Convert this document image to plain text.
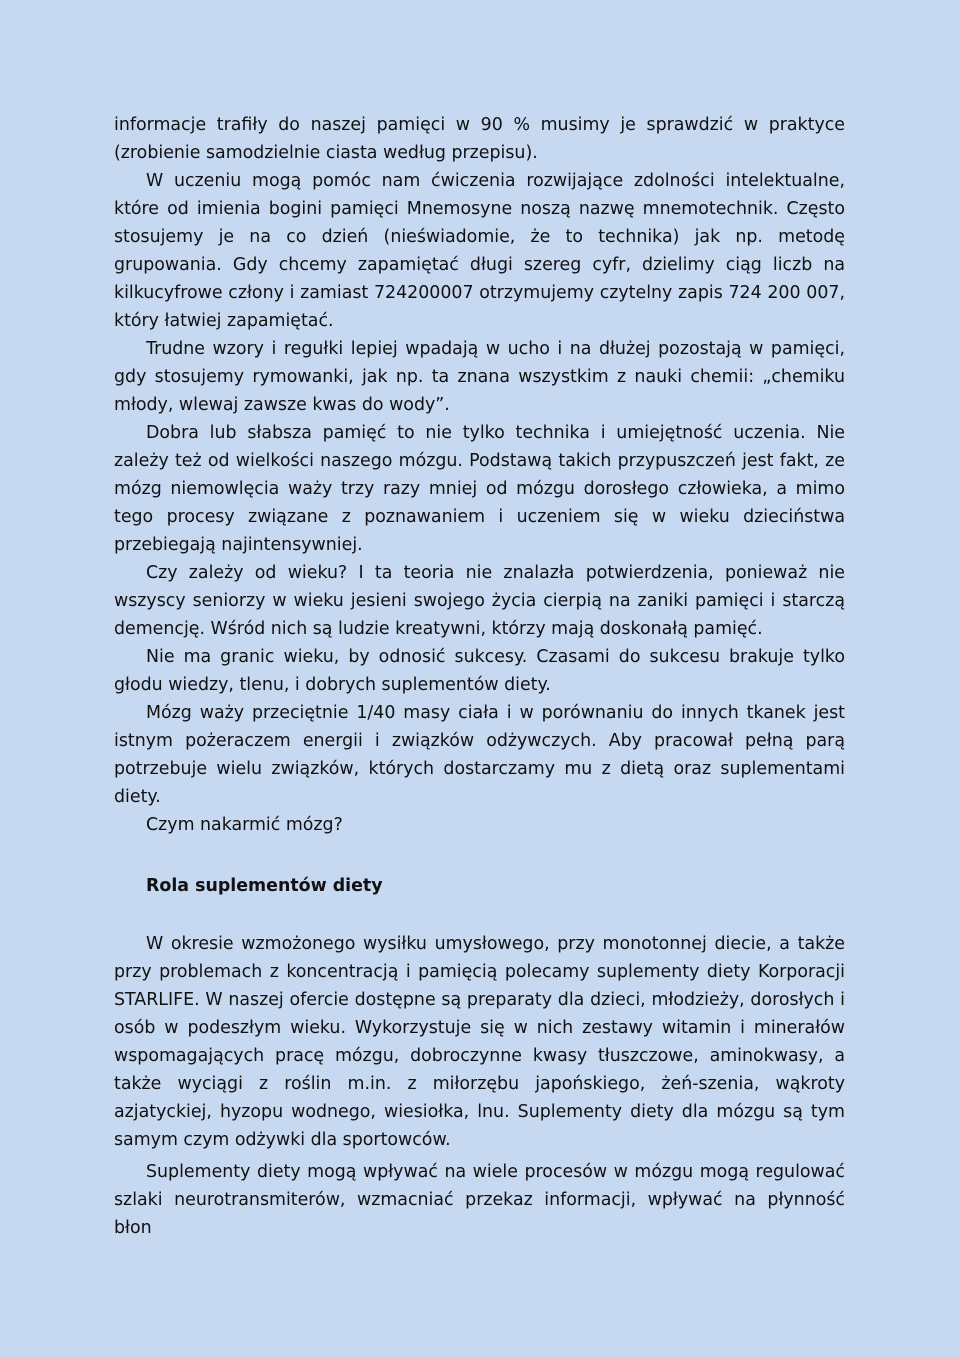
informacje trafiły do naszej pamięci w 90 % musimy je sprawdzić w praktyce (zrobienie samodzielnie ciasta według przepisu).

W uczeniu mogą pomóc nam ćwiczenia rozwijające zdolności intelektualne, które od imienia bogini pamięci Mnemosyne noszą nazwę mnemotechnik. Często stosujemy je na co dzień (nieświadomie, że to technika) jak np. metodę grupowania. Gdy chcemy zapamiętać długi szereg cyfr, dzielimy ciąg liczb na kilkucyfrowe człony i zamiast 724200007 otrzymujemy czytelny zapis 724 200 007, który łatwiej zapamiętać.

Trudne wzory i regułki lepiej wpadają w ucho i na dłużej pozostają w pamięci, gdy stosujemy rymowanki, jak np. ta znana wszystkim z nauki chemii: „chemiku młody, wlewaj zawsze kwas do wody”.

Dobra lub słabsza pamięć to nie tylko technika i umiejętność uczenia. Nie zależy też od wielkości naszego mózgu. Podstawą takich przypuszczeń jest fakt, ze mózg niemowlęcia waży trzy razy mniej od mózgu dorosłego człowieka, a mimo tego procesy związane z poznawaniem i uczeniem się w wieku dzieciństwa przebiegają najintensywniej.

Czy zależy od wieku? I ta teoria nie znalazła potwierdzenia, ponieważ nie wszyscy seniorzy w wieku jesieni swojego życia cierpią na zaniki pamięci i starczą demencję. Wśród nich są ludzie kreatywni, którzy mają doskonałą pamięć.

Nie ma granic wieku, by odnosić sukcesy. Czasami do sukcesu brakuje tylko głodu wiedzy, tlenu, i dobrych suplementów diety.

Mózg waży przeciętnie 1/40 masy ciała i w porównaniu do innych tkanek jest istnym pożeraczem energii i związków odżywczych. Aby pracował pełną parą potrzebuje wielu związków, których dostarczamy mu z dietą oraz suplementami diety.

Czym nakarmić mózg?

Rola suplementów diety

W okresie wzmożonego wysiłku umysłowego, przy monotonnej diecie, a także przy problemach z koncentracją i pamięcią polecamy suplementy diety Korporacji STARLIFE. W naszej ofercie dostępne są preparaty dla dzieci, młodzieży, dorosłych i osób w podeszłym wieku. Wykorzystuje się w nich zestawy witamin i minerałów wspomagających pracę mózgu, dobroczynne kwasy tłuszczowe, aminokwasy, a także wyciągi z roślin m.in. z miłorzębu japońskiego, żeń-szenia, wąkroty azjatyckiej, hyzopu wodnego, wiesiołka, lnu. Suplementy diety dla mózgu są tym samym czym odżywki dla sportowców.

Suplementy diety mogą wpływać na wiele procesów w mózgu mogą regulować szlaki neurotransmiterów, wzmacniać przekaz informacji, wpływać na płynność błon
